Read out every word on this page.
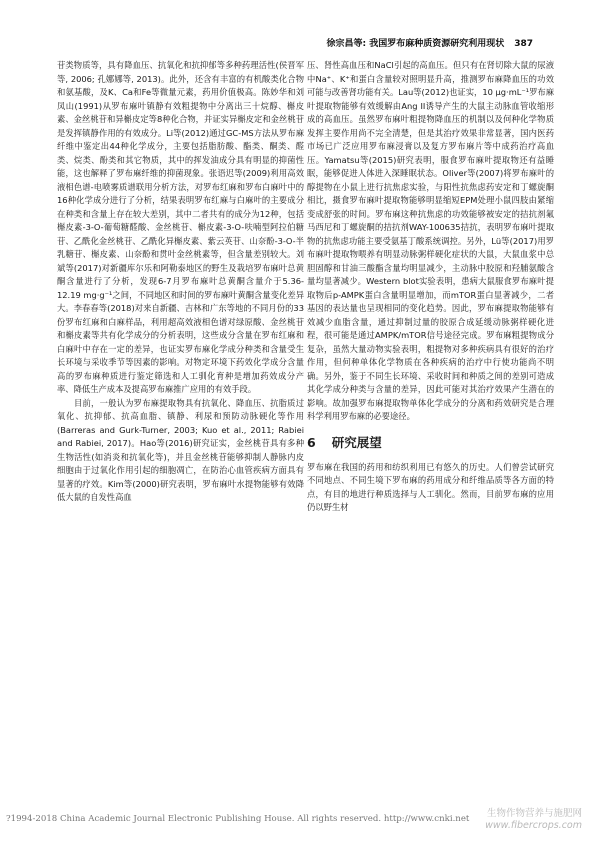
徐宗昌等: 我国罗布麻种质资源研究利用现状 387

苷类物质等，具有降血压、抗氧化和抗抑郁等多种药理活性(侯晋军等, 2006; 孔娜娜等, 2013)。此外，还含有丰富的有机酸类化合物和氨基酸，及K、Ca和Fe等微量元素，药用价值极高。陈妙华和刘凤山(1991)从罗布麻叶镇静有效粗提物中分离出三十烷醇、槲皮素、金丝桃苷和异槲皮定等8种化合物，并证实异槲皮定和金丝桃苷是发挥镇静作用的有效成分。Li等(2012)通过GC-MS方法从罗布麻纤维中鉴定出44种化学成分，主要包括脂肪酸、酯类、酮类、醛类、烷类、酚类和其它物质，其中的挥发油成分具有明显的抑菌性能，这也解释了罗布麻纤维的抑菌现象。张语迟等(2009)利用高效液相色谱-电喷雾质谱联用分析方法，对罗布红麻和罗布白麻叶中的16种化学成分进行了分析，结果表明罗布红麻与白麻叶的主要成分在种类和含量上存在较大差别，其中二者共有的成分为12种，包括槲皮素-3-O-葡萄糖醛酸、金丝桃苷、槲皮素-3-O-呋喃型阿拉伯糖苷、乙酰化金丝桃苷、乙酰化异槲皮素、紫云英苷、山奈酚-3-O-半乳糖苷、槲皮素、山奈酚和贯叶金丝桃素等，但含量差别较大。刘斌等(2017)对新疆库尔乐和阿勒泰地区的野生及栽培罗布麻叶总黄酮含量进行了分析，发现6-7月罗布麻叶总黄酮含量介于5.36-12.19 mg·g⁻¹之间，不同地区和时间的罗布麻叶黄酮含量变化差异大。李春春等(2018)对来自新疆、吉林和广东等地的不同月份的33份罗布红麻和白麻样品，利用超高效液相色谱对绿原酸、金丝桃苷和槲皮素等共有化学成分的分析表明，这些成分含量在罗布红麻和白麻叶中存在一定的差异，也证实罗布麻化学成分种类和含量受生长环境与采收季节等因素的影响。对物定环境下药效化学成分含量高的罗布麻种质进行鉴定筛选和人工驯化育种是增加药效成分产率、降低生产成本及提高罗布麻推广应用的有效手段。

目前，一般认为罗布麻提取物具有抗氧化、降血压、抗脂质过氧化、抗抑郁、抗高血脂、镇静、利尿和预防动脉硬化等作用(Barreras and Gurk-Turner, 2003; Kuo et al., 2011; Rabiei and Rabiei, 2017)。Hao等(2016)研究证实，金丝桃苷具有多种生物活性(如消炎和抗氧化等)，并且金丝桃苷能够抑制人静脉内皮细胞由于过氧化作用引起的细胞凋亡，在防治心血管疾病方面具有显著的疗效。Kim等(2000)研究表明，罗布麻叶水提物能够有效降低大鼠的自发性高血

压、肾性高血压和NaCl引起的高血压。但只有在肾切除大鼠的尿液中Na⁺、K⁺和蛋白含量较对照明显升高，推测罗布麻降血压的功效可能与改善肾功能有关。Lau等(2012)也证实，10 μg·mL⁻¹罗布麻叶提取物能够有效缓解由Ang II诱导产生的大鼠主动脉血管收缩形成的高血压。虽然罗布麻叶粗提物降血压的机制以及何种化学物质发挥主要作用尚不完全清楚，但是其治疗效果非常显著，国内医药市场已广泛应用罗布麻浸膏以及复方罗布麻片等中成药治疗高血压。Yamatsu等(2015)研究表明，服食罗布麻叶提取物还有益睡眠，能够促进人体进入深睡眠状态。Oliver等(2007)将罗布麻叶的醇提物在小鼠上进行抗焦虑实验，与阳性抗焦虑药安定和丁螺旋酮相比，摄食罗布麻叶提取物能够明显缩短EPM处理小鼠四肢由紧缩变成舒张的时间。罗布麻这种抗焦虑的功效能够被安定的拮抗剂氟马西尼和丁螺旋酮的拮抗剂WAY-100635拮抗，表明罗布麻叶提取物的抗焦虑功能主要受氨基丁酸系统调控。另外，Lü等(2017)用罗布麻叶提取物喂养有明显动脉粥样硬化症状的大鼠，大鼠血浆中总胆固醇和甘油三酸酯含量均明显减少，主动脉中胶原和羟脯氨酸含量均显著减少。Western blot实验表明，患病大鼠服食罗布麻叶提取物后p-AMPK蛋白含量明显增加，而mTOR蛋白显著减少，二者基因的表达量也呈现相同的变化趋势。因此，罗布麻提取物能够有效减少血脂含量，通过抑制过量的胶原合成延缓动脉粥样硬化进程，很可能是通过AMPK/mTOR信号途径完成。罗布麻粗提物成分复杂，虽然大量动物实验表明，粗提物对多种疾病具有很好的治疗作用，但何种单体化学物质在各种疾病的治疗中行使功能尚不明确。另外，鉴于不同生长环境、采收时间和种质之间的差别可造成其化学成分种类与含量的差异，因此可能对其治疗效果产生潜在的影响。故加强罗布麻提取物单体化学成分的分离和药效研究是合理科学利用罗布麻的必要途径。

6 研究展望

罗布麻在我国的药用和纺织利用已有悠久的历史。人们曾尝试研究不同地点、不同生境下罗布麻的药用成分和纤维品质等各方面的特点，有目的地进行种质选择与人工驯化。然而，目前罗布麻的应用仍以野生材

?1994-2018 China Academic Journal Electronic Publishing House. All rights reserved. http://www.cnki.net	生物作物营养与施肥网
www.fibercrops.com
